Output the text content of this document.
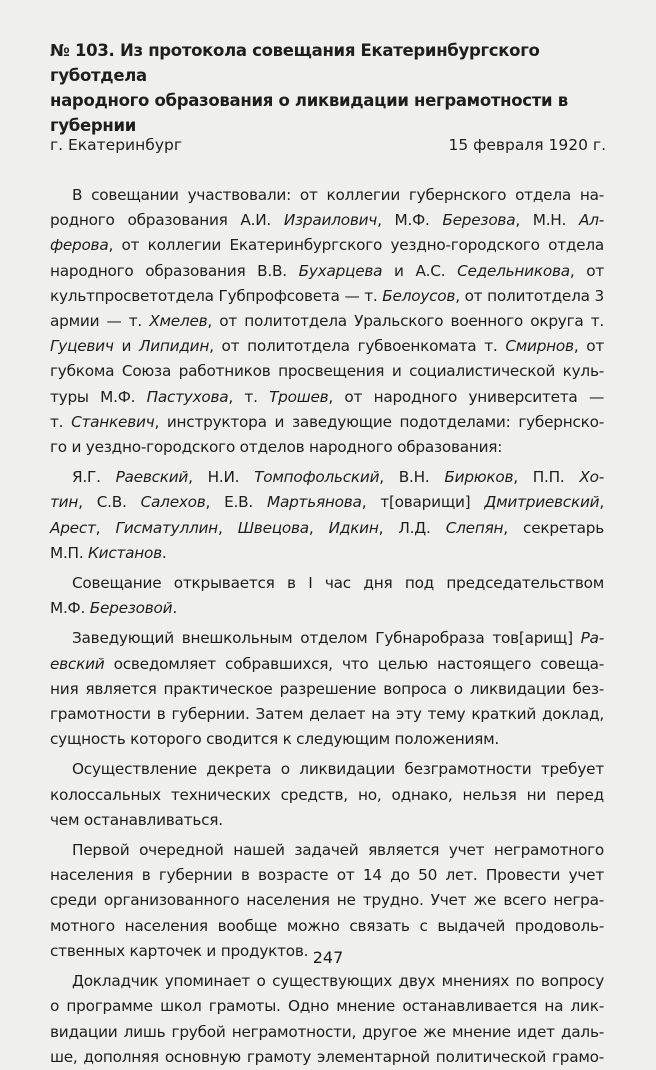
№ 103. Из протокола совещания Екатеринбургского губотдела
народного образования о ликвидации неграмотности в
губернии
г. Екатеринбург	15 февраля 1920 г.
В совещании участвовали: от коллегии губернского отдела на-
родного образования А.И. Израилович, М.Ф. Березова, М.Н. Ал-
ферова, от коллегии Екатеринбургского уездно-городского отдела
народного образования В.В. Бухарцева и А.С. Седельникова, от
культпросветотдела Губпрофсовета — т. Белоусов, от политотдела 3
армии — т. Хмелев, от политотдела Уральского военного округа т.
Гуцевич и Липидин, от политотдела губвоенкомата т. Смирнов, от
губкома Союза работников просвещения и социалистической куль-
туры М.Ф. Пастухова, т. Трошев, от народного университета —
т. Станкевич, инструктора и заведующие подотделами: губернско-
го и уездно-городского отделов народного образования:
Я.Г. Раевский, Н.И. Томпофольский, В.Н. Бирюков, П.П. Хо-
тин, С.В. Салехов, Е.В. Мартьянова, т[оварищи] Дмитриевский,
Арест, Гисматуллин, Швецова, Идкин, Л.Д. Слепян, секретарь
М.П. Кистанов.
Совещание открывается в I час дня под председательством
М.Ф. Березовой.
Заведующий внешкольным отделом Губнаробраза тов[арищ] Ра-
евский осведомляет собравшихся, что целью настоящего совеща-
ния является практическое разрешение вопроса о ликвидации без-
грамотности в губернии. Затем делает на эту тему краткий доклад,
сущность которого сводится к следующим положениям.
Осуществление декрета о ликвидации безграмотности требует
колоссальных технических средств, но, однако, нельзя ни перед
чем останавливаться.
Первой очередной нашей задачей является учет неграмотного
населения в губернии в возрасте от 14 до 50 лет. Провести учет
среди организованного населения не трудно. Учет же всего негра-
мотного населения вообще можно связать с выдачей продоволь-
ственных карточек и продуктов.
Докладчик упоминает о существующих двух мнениях по вопросу
о программе школ грамоты. Одно мнение останавливается на лик-
видации лишь грубой неграмотности, другое же мнение идет даль-
ше, дополняя основную грамоту элементарной политической грамо-
247
